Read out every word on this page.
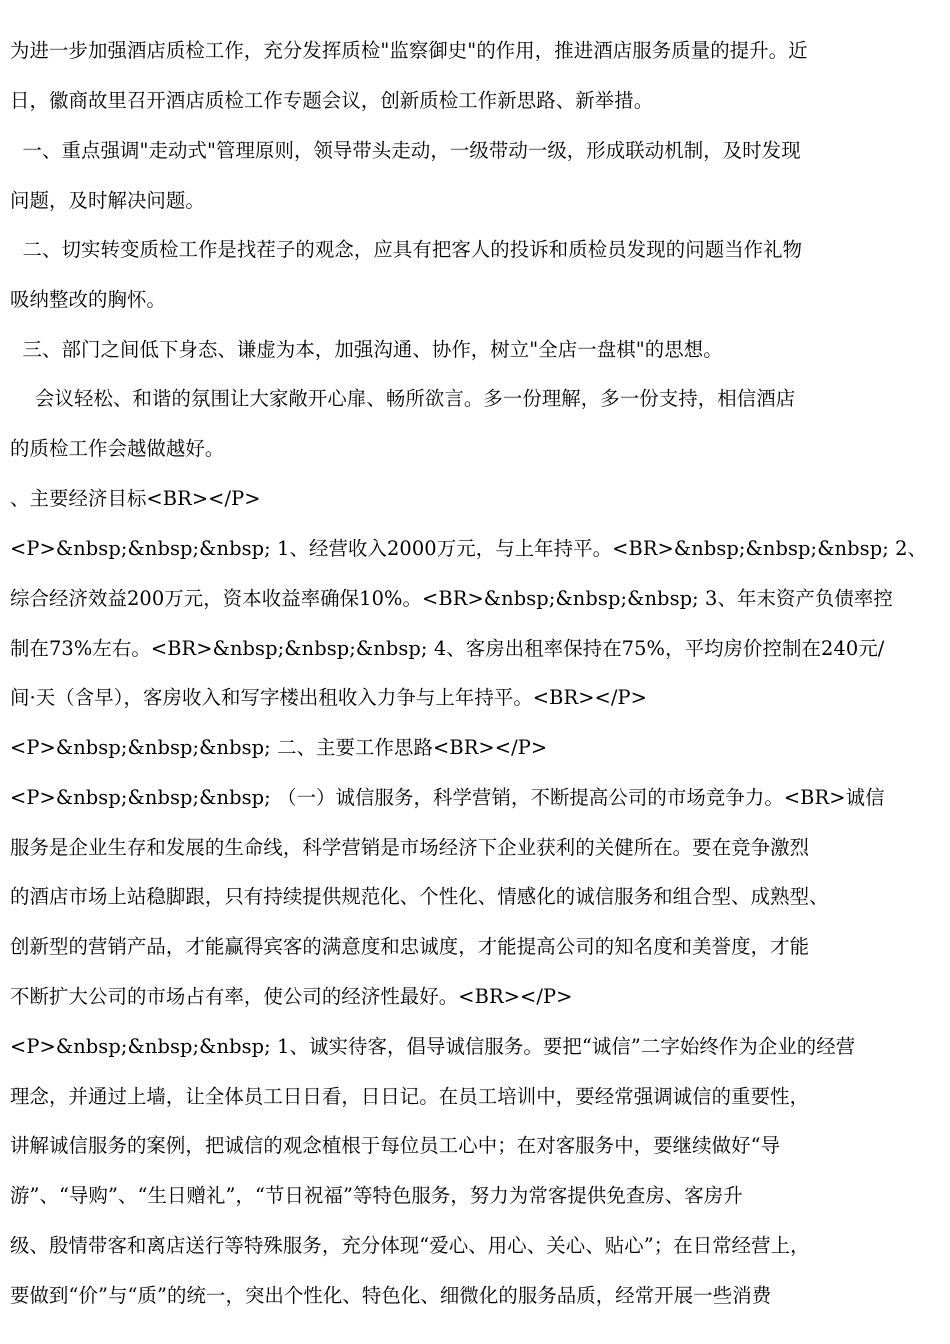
为进一步加强酒店质检工作，充分发挥质检"监察御史"的作用，推进酒店服务质量的提升。近
日，徽商故里召开酒店质检工作专题会议，创新质检工作新思路、新举措。
一、重点强调"走动式"管理原则，领导带头走动，一级带动一级，形成联动机制，及时发现
问题，及时解决问题。
二、切实转变质检工作是找茬子的观念，应具有把客人的投诉和质检员发现的问题当作礼物
吸纳整改的胸怀。
三、部门之间低下身态、谦虚为本，加强沟通、协作，树立"全店一盘棋"的思想。
会议轻松、和谐的氛围让大家敞开心扉、畅所欲言。多一份理解，多一份支持，相信酒店
的质检工作会越做越好。
、主要经济目标<BR></P>
<P>&nbsp;&nbsp;&nbsp; 1、经营收入2000万元，与上年持平。<BR>&nbsp;&nbsp;&nbsp; 2、
综合经济效益200万元，资本收益率确保10%。<BR>&nbsp;&nbsp;&nbsp; 3、年末资产负债率控
制在73%左右。<BR>&nbsp;&nbsp;&nbsp; 4、客房出租率保持在75%，平均房价控制在240元/
间·天（含早），客房收入和写字楼出租收入力争与上年持平。<BR></P>
<P>&nbsp;&nbsp;&nbsp; 二、主要工作思路<BR></P>
<P>&nbsp;&nbsp;&nbsp; （一）诚信服务，科学营销，不断提高公司的市场竞争力。<BR>诚信
服务是企业生存和发展的生命线，科学营销是市场经济下企业获利的关健所在。要在竞争激烈
的酒店市场上站稳脚跟，只有持续提供规范化、个性化、情感化的诚信服务和组合型、成熟型、
创新型的营销产品，才能赢得宾客的满意度和忠诚度，才能提高公司的知名度和美誉度，才能
不断扩大公司的市场占有率，使公司的经济性最好。<BR></P>
<P>&nbsp;&nbsp;&nbsp; 1、诚实待客，倡导诚信服务。要把“诚信”二字始终作为企业的经营
理念，并通过上墙，让全体员工日日看，日日记。在员工培训中，要经常强调诚信的重要性，
讲解诚信服务的案例，把诚信的观念植根于每位员工心中；在对客服务中，要继续做好“导
游”、“导购”、“生日赠礼”，“节日祝福”等特色服务，努力为常客提供免查房、客房升
级、殷情带客和离店送行等特殊服务，充分体现“爱心、用心、关心、贴心”；在日常经营上，
要做到“价”与“质”的统一，突出个性化、特色化、细微化的服务品质，经常开展一些消费
